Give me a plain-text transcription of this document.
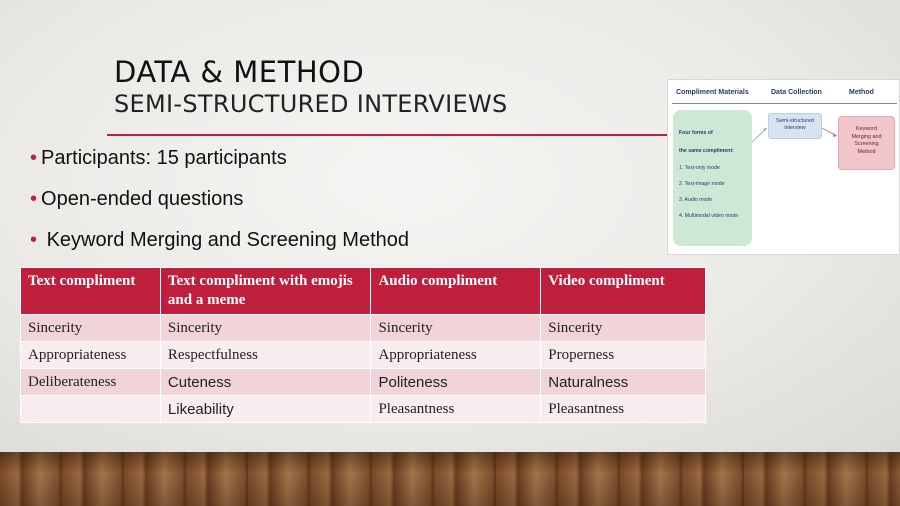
DATA & METHOD
SEMI-STRUCTURED INTERVIEWS
• Participants: 15 participants
• Open-ended questions
• Keyword Merging and Screening Method
Compliment Materials	Data Collection	Method
Four forms of
the same compliment:
1. Text-only mode
2. Text-image mode
3. Audio mode
4. Multimodal video mode
Semi-structured
interview	Keyword
Merging and
Screening
Method
Text compliment	Text compliment with emojis and a meme	Audio compliment	Video compliment
Sincerity	Sincerity	Sincerity	Sincerity
Appropriateness	Respectfulness	Appropriateness	Properness
Deliberateness	Cuteness	Politeness	Naturalness
	Likeability	Pleasantness	Pleasantness
